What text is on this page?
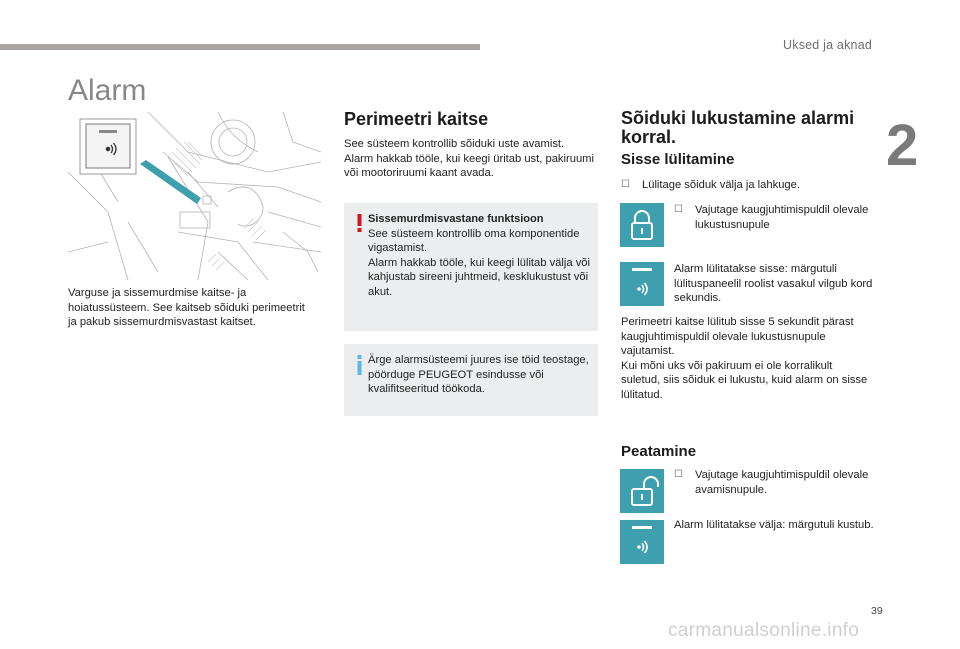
Uksed ja aknad
2
Alarm

Varguse ja sissemurdmise kaitse- ja hoiatussüsteem. See kaitseb sõiduki perimeetrit ja pakub sissemurdmisvastast kaitset.

Perimeetri kaitse

See süsteem kontrollib sõiduki uste avamist. Alarm hakkab tööle, kui keegi üritab ust, pakiruumi või mootoriruumi kaant avada.

Sissemurdmisvastane funktsioon
See süsteem kontrollib oma komponentide vigastamist.
Alarm hakkab tööle, kui keegi lülitab välja või kahjustab sireeni juhtmeid, kesklukustust või akut.
Ärge alarmsüsteemi juures ise töid teostage, pöörduge PEUGEOT esindusse või kvalifitseeritud töökoda.
Sõiduki lukustamine alarmi korral.
Sisse lülitamine
☐ Lülitage sõiduk välja ja lahkuge.
☐ Vajutage kaugjuhtimispuldil olevale lukustusnupule

Alarm lülitatakse sisse: märgutuli lülituspaneelil roolist vasakul vilgub kord sekundis.

Perimeetri kaitse lülitub sisse 5 sekundit pärast kaugjuhtimispuldil olevale lukustusnupule vajutamist.
Kui mõni uks või pakiruum ei ole korralikult suletud, siis sõiduk ei lukustu, kuid alarm on sisse lülitatud.

Peatamine
☐ Vajutage kaugjuhtimispuldil olevale avamisnupule.

Alarm lülitatakse välja: märgutuli kustub.

39
carmanualsonline.info
